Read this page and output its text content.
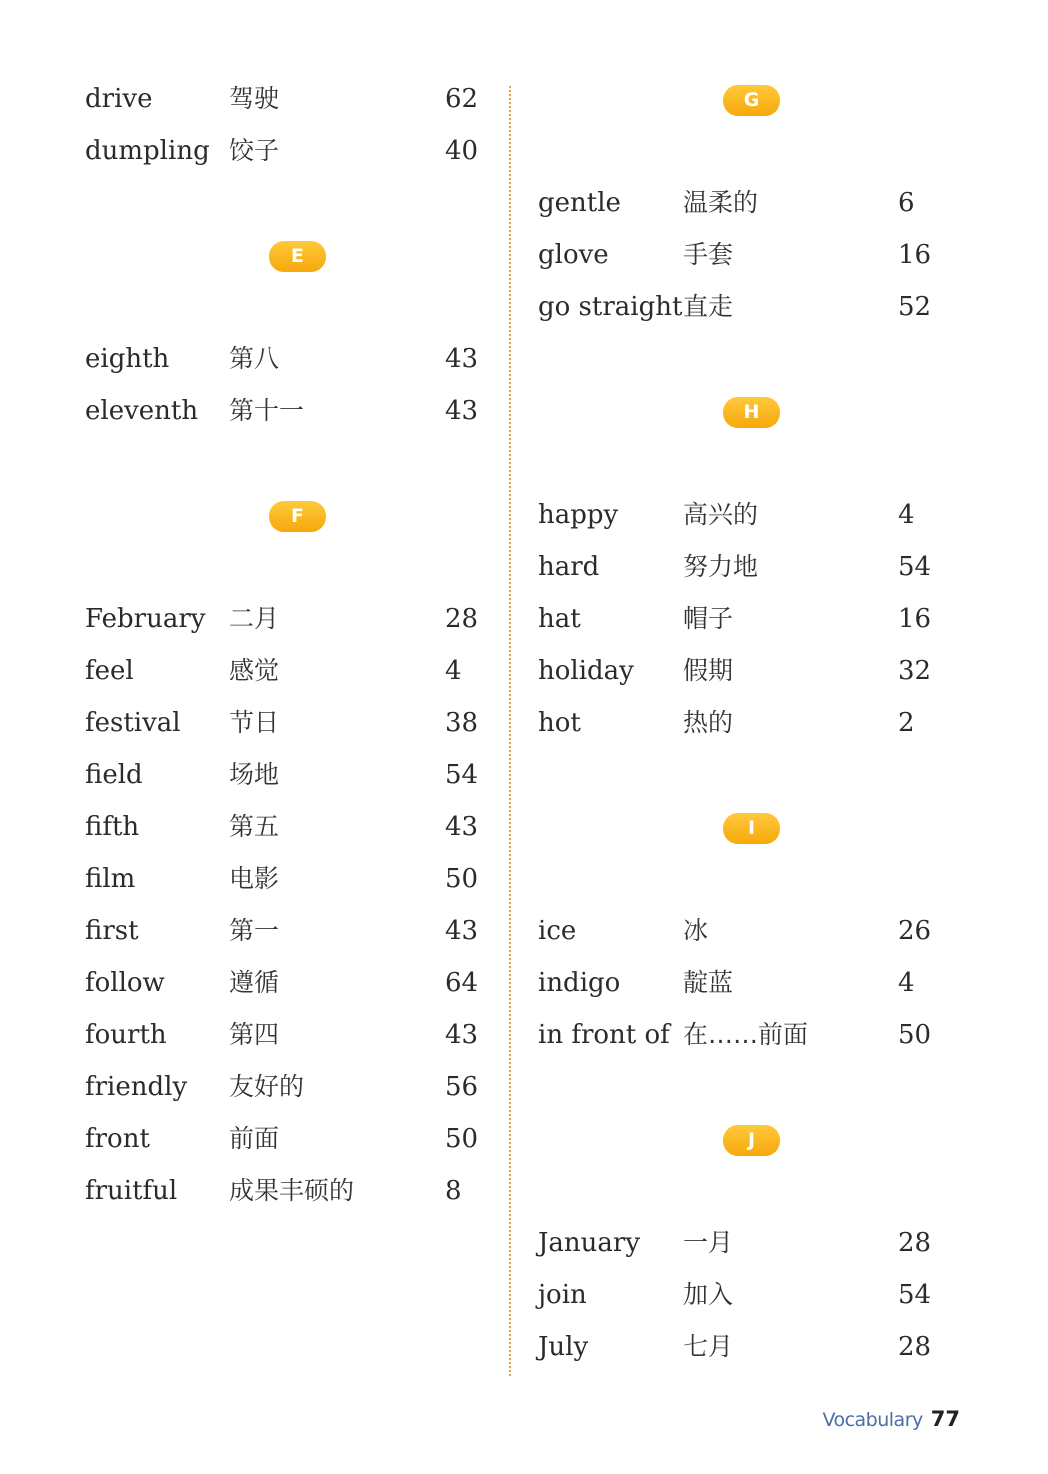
drive	驾驶	62
dumpling 饺子	40
E
eighth 第八	43
eleventh 第十一	43
F
February 二月	28
feel	感觉	4
festival 节日	38
field	场地	54
fifth	第五	43
film	电影	50
first	第一	43
follow	遵循	64
fourth 第四	43
friendly 友好的	56
front	前面	50
fruitful 成果丰硕的	8
G
gentle 温柔的	6
glove	手套	16
go straight 直走	52
H
happy	高兴的	4
hard	努力地	54
hat	帽子	16
holiday 假期	32
hot	热的	2
I
ice	冰	26
indigo	靛蓝	4
in front of 在……前面	50
J
January 一月	28
join	加入	54
July	七月	28
Vocabulary 77
